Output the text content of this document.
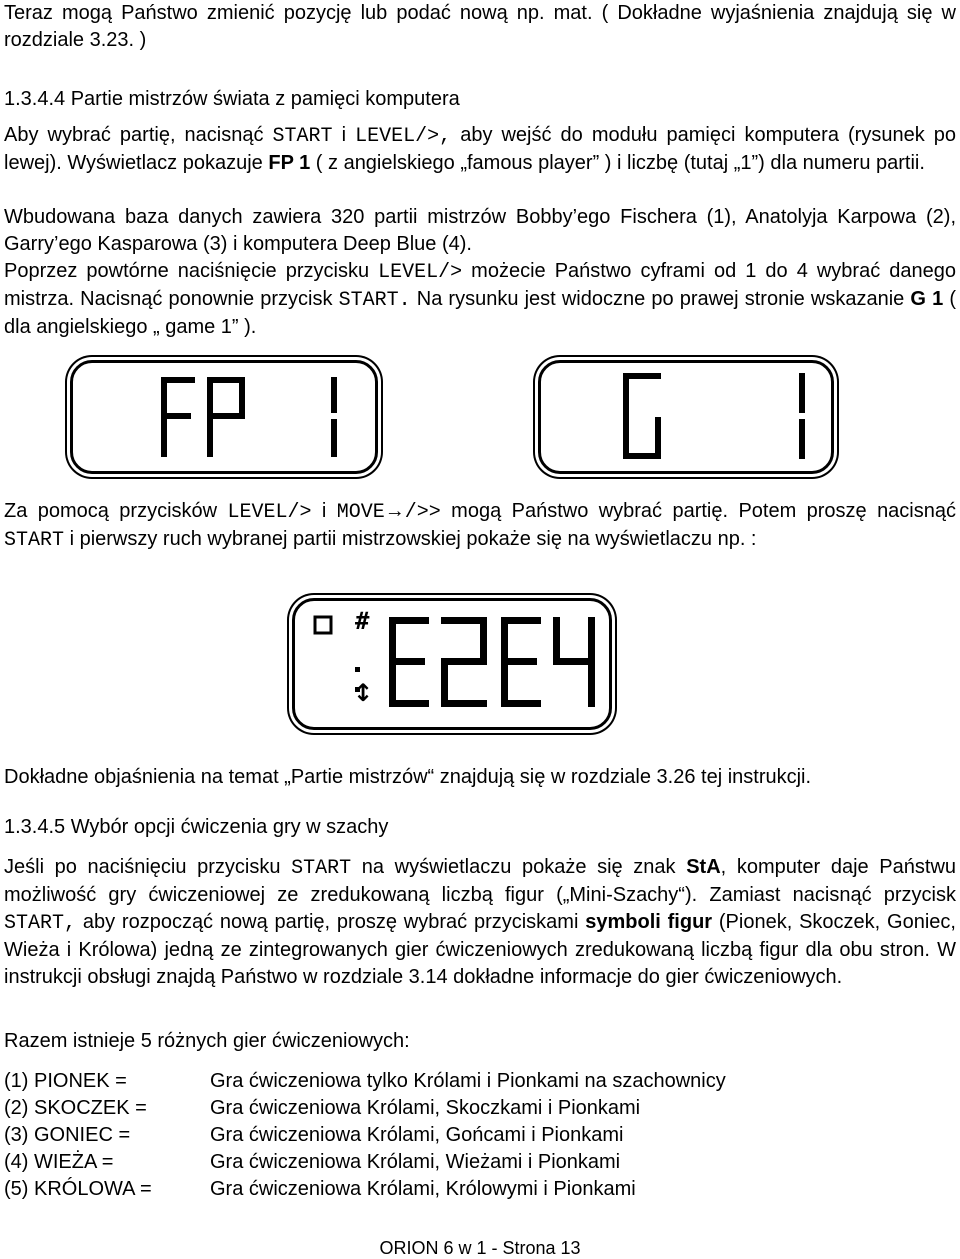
Teraz mogą Państwo zmienić pozycję lub podać nową np. mat. ( Dokładne wyjaśnienia znajdują się w rozdziale 3.23. )

1.3.4.4 Partie mistrzów świata z pamięci komputera

Aby wybrać partię, nacisnąć START i LEVEL/>, aby wejść do modułu pamięci komputera (rysunek po lewej). Wyświetlacz pokazuje FP 1 ( z angielskiego „famous player” ) i liczbę (tutaj „1”) dla numeru partii.

Wbudowana baza danych zawiera 320 partii mistrzów Bobby’ego Fischera (1), Anatolyja Karpowa (2), Garry’ego Kasparowa (3) i komputera Deep Blue (4).

Poprzez powtórne naciśnięcie przycisku LEVEL/> możecie Państwo cyframi od 1 do 4 wybrać danego mistrza. Nacisnąć ponownie przycisk START. Na rysunku jest widoczne po prawej stronie wskazanie G 1 ( dla angielskiego „ game 1” ).

Za pomocą przycisków LEVEL/> i MOVE→/>> mogą Państwo wybrać partię. Potem proszę nacisnąć START i pierwszy ruch wybranej partii mistrzowskiej pokaże się na wyświetlaczu np. :

Dokładne objaśnienia na temat „Partie mistrzów“ znajdują się w rozdziale 3.26 tej instrukcji.

1.3.4.5 Wybór opcji ćwiczenia gry w szachy

Jeśli po naciśnięciu przycisku START na wyświetlaczu pokaże się znak StA, komputer daje Państwu możliwość gry ćwiczeniowej ze zredukowaną liczbą figur („Mini-Szachy“). Zamiast nacisnąć przycisk START, aby rozpocząć nową partię, proszę wybrać przyciskami symboli figur (Pionek, Skoczek, Goniec, Wieża i Królowa) jedną ze zintegrowanych gier ćwiczeniowych zredukowaną liczbą figur dla obu stron. W instrukcji obsługi znajdą Państwo w rozdziale 3.14 dokładne informacje do gier ćwiczeniowych.

Razem istnieje 5 różnych gier ćwiczeniowych:

(1) PIONEK =	Gra ćwiczeniowa tylko Królami i Pionkami na szachownicy
(2) SKOCZEK =	Gra ćwiczeniowa Królami, Skoczkami i Pionkami
(3) GONIEC =	Gra ćwiczeniowa Królami, Gońcami i Pionkami
(4) WIEŻA =	Gra ćwiczeniowa Królami, Wieżami i Pionkami
(5) KRÓLOWA =	Gra ćwiczeniowa Królami, Królowymi i Pionkami
#
↕
ORION 6 w 1 - Strona 13
